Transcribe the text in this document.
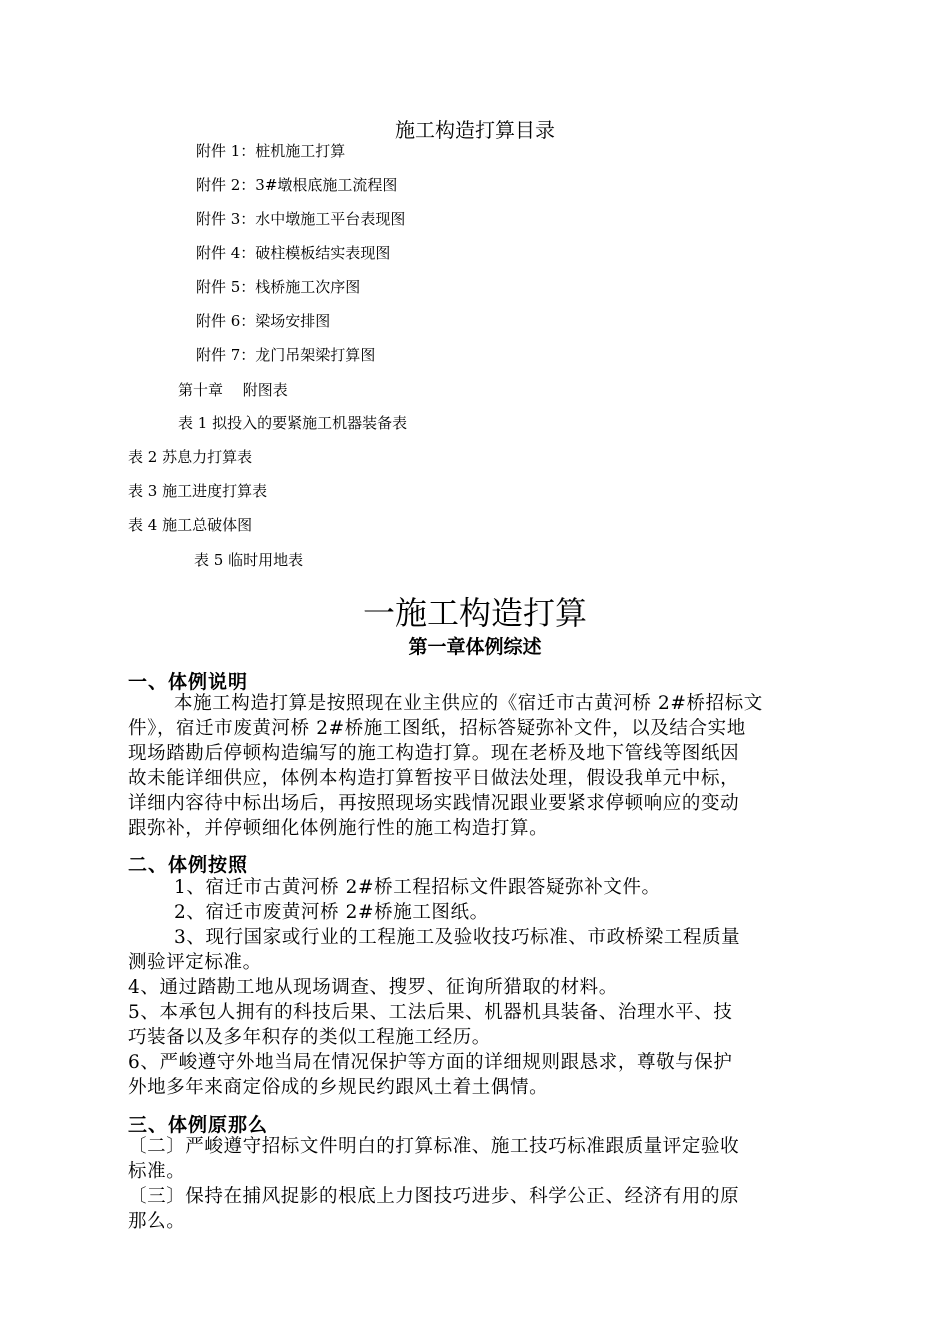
施工构造打算目录
附件 1：桩机施工打算
附件 2：3#墩根底施工流程图
附件 3：水中墩施工平台表现图
附件 4：破柱模板结实表现图
附件 5：栈桥施工次序图
附件 6：梁场安排图
附件 7：龙门吊架梁打算图
第十章　 附图表
表 1 拟投入的要紧施工机器装备表
表 2 苏息力打算表
表 3 施工进度打算表
表 4 施工总破体图
表 5 临时用地表
一施工构造打算
第一章体例综述
一、体例说明
本施工构造打算是按照现在业主供应的《宿迁市古黄河桥 2#桥招标文
件》，宿迁市废黄河桥 2#桥施工图纸，招标答疑弥补文件，以及结合实地
现场踏勘后停顿构造编写的施工构造打算。现在老桥及地下管线等图纸因
故未能详细供应，体例本构造打算暂按平日做法处理，假设我单元中标，
详细内容待中标出场后，再按照现场实践情况跟业要紧求停顿响应的变动
跟弥补，并停顿细化体例施行性的施工构造打算。
二、体例按照
1、宿迁市古黄河桥 2#桥工程招标文件跟答疑弥补文件。
2、宿迁市废黄河桥 2#桥施工图纸。
3、现行国家或行业的工程施工及验收技巧标准、市政桥梁工程质量
测验评定标准。
4、通过踏勘工地从现场调查、搜罗、征询所猎取的材料。
5、本承包人拥有的科技后果、工法后果、机器机具装备、治理水平、技
巧装备以及多年积存的类似工程施工经历。
6、严峻遵守外地当局在情况保护等方面的详细规则跟恳求，尊敬与保护
外地多年来商定俗成的乡规民约跟风土着土偶情。
三、体例原那么
〔二〕严峻遵守招标文件明白的打算标准、施工技巧标准跟质量评定验收
标准。
〔三〕保持在捕风捉影的根底上力图技巧进步、科学公正、经济有用的原
那么。
